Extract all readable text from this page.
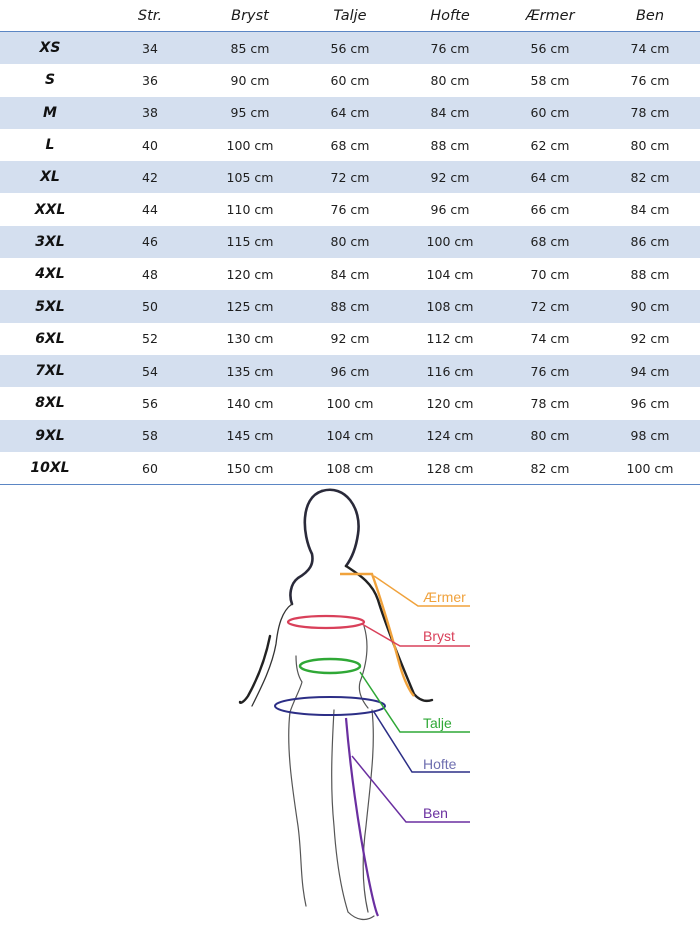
	Str.	Bryst	Talje	Hofte	Ærmer	Ben
XS	34	85 cm	56 cm	76 cm	56 cm	74 cm
S	36	90 cm	60 cm	80 cm	58 cm	76 cm
M	38	95 cm	64 cm	84 cm	60 cm	78 cm
L	40	100 cm	68 cm	88 cm	62 cm	80 cm
XL	42	105 cm	72 cm	92 cm	64 cm	82 cm
XXL	44	110 cm	76 cm	96 cm	66 cm	84 cm
3XL	46	115 cm	80 cm	100 cm	68 cm	86 cm
4XL	48	120 cm	84 cm	104 cm	70 cm	88 cm
5XL	50	125 cm	88 cm	108 cm	72 cm	90 cm
6XL	52	130 cm	92 cm	112 cm	74 cm	92 cm
7XL	54	135 cm	96 cm	116 cm	76 cm	94 cm
8XL	56	140 cm	100 cm	120 cm	78 cm	96 cm
9XL	58	145 cm	104 cm	124 cm	80 cm	98 cm
10XL	60	150 cm	108 cm	128 cm	82 cm	100 cm
Ærmer
Bryst
Talje
Hofte
Ben
